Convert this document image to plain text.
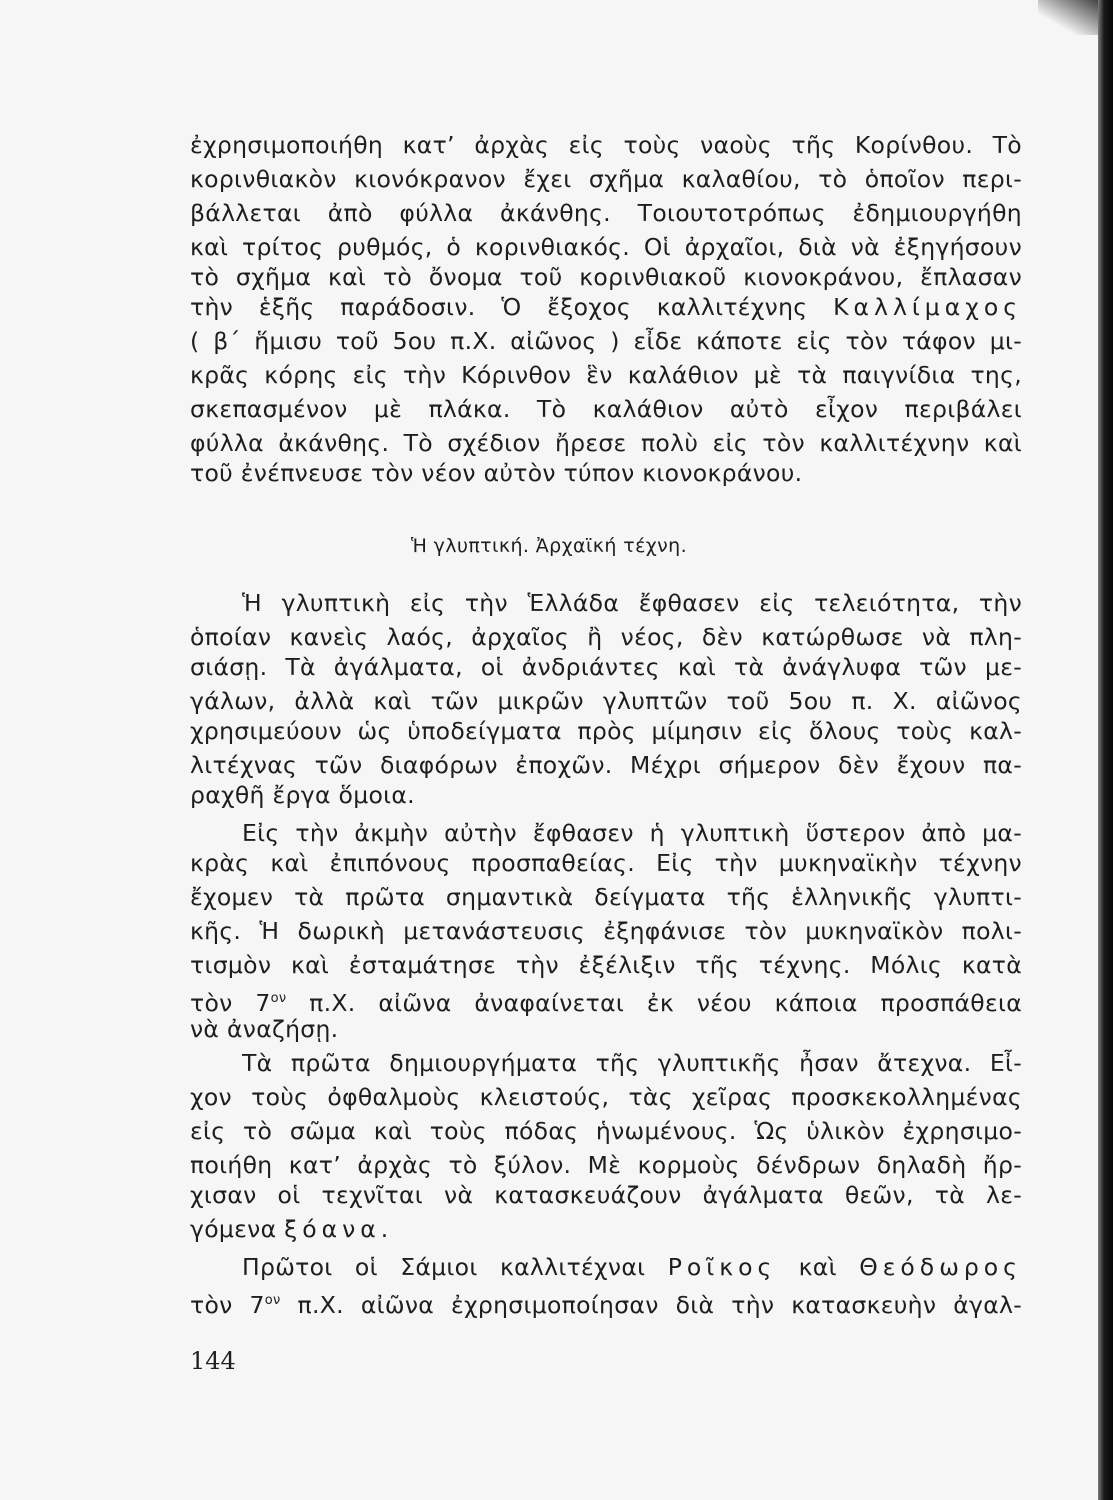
ἐχρησιμοποιήθη κατ’ ἀρχὰς εἰς τοὺς ναοὺς τῆς Κορίνθου. Τὸ

κορινθιακὸν κιονόκρανον ἔχει σχῆμα καλαθίου, τὸ ὁποῖον περι-

βάλλεται ἀπὸ φύλλα ἀκάνθης. Τοιουτοτρόπως ἐδημιουργήθη

καὶ τρίτος ρυθμός, ὁ κορινθιακός. Οἱ ἀρχαῖοι, διὰ νὰ ἐξηγήσουν

τὸ σχῆμα καὶ τὸ ὄνομα τοῦ κορινθιακοῦ κιονοκράνου, ἔπλασαν

τὴν ἑξῆς παράδοσιν. Ὁ ἔξοχος καλλιτέχνης Καλλίμαχος

( β΄ ἥμισυ τοῦ 5ου π.Χ. αἰῶνος ) εἶδε κάποτε εἰς τὸν τάφον μι-

κρᾶς κόρης εἰς τὴν Κόρινθον ἓν καλάθιον μὲ τὰ παιγνίδια της,

σκεπασμένον μὲ πλάκα. Τὸ καλάθιον αὐτὸ εἶχον περιβάλει

φύλλα ἀκάνθης. Τὸ σχέδιον ἤρεσε πολὺ εἰς τὸν καλλιτέχνην καὶ

τοῦ ἐνέπνευσε τὸν νέον αὐτὸν τύπον κιονοκράνου.

Ἡ γλυπτική. Ἀρχαϊκή τέχνη.

Ἡ γλυπτικὴ εἰς τὴν Ἑλλάδα ἔφθασεν εἰς τελειότητα, τὴν

ὁποίαν κανεὶς λαός, ἀρχαῖος ἢ νέος, δὲν κατώρθωσε νὰ πλη-

σιάσῃ. Τὰ ἀγάλματα, οἱ ἀνδριάντες καὶ τὰ ἀνάγλυφα τῶν με-

γάλων, ἀλλὰ καὶ τῶν μικρῶν γλυπτῶν τοῦ 5ου π. Χ. αἰῶνος

χρησιμεύουν ὡς ὑποδείγματα πρὸς μίμησιν εἰς ὅλους τοὺς καλ-

λιτέχνας τῶν διαφόρων ἐποχῶν. Μέχρι σήμερον δὲν ἔχουν πα-

ραχθῆ ἔργα ὅμοια.

Εἰς τὴν ἀκμὴν αὐτὴν ἔφθασεν ἡ γλυπτικὴ ὕστερον ἀπὸ μα-

κρὰς καὶ ἐπιπόνους προσπαθείας. Εἰς τὴν μυκηναϊκὴν τέχνην

ἔχομεν τὰ πρῶτα σημαντικὰ δείγματα τῆς ἑλληνικῆς γλυπτι-

κῆς. Ἡ δωρικὴ μετανάστευσις ἐξηφάνισε τὸν μυκηναϊκὸν πολι-

τισμὸν καὶ ἐσταμάτησε τὴν ἐξέλιξιν τῆς τέχνης. Μόλις κατὰ

τὸν $7^{o\nu}$ π.Χ. αἰῶνα ἀναφαίνεται ἐκ νέου κάποια προσπάθεια

νὰ ἀναζήσῃ.

Τὰ πρῶτα δημιουργήματα τῆς γλυπτικῆς ἦσαν ἄτεχνα. Εἶ-

χον τοὺς ὀφθαλμοὺς κλειστούς, τὰς χεῖρας προσκεκολλημένας

εἰς τὸ σῶμα καὶ τοὺς πόδας ἡνωμένους. Ὡς ὑλικὸν ἐχρησιμο-

ποιήθη κατ’ ἀρχὰς τὸ ξύλον. Μὲ κορμοὺς δένδρων δηλαδὴ ἤρ-

χισαν οἱ τεχνῖται νὰ κατασκευάζουν ἀγάλματα θεῶν, τὰ λε-

γόμενα ξόανα.

Πρῶτοι οἱ Σάμιοι καλλιτέχναι Ροῖκος καὶ Θεόδωρος

τὸν $7^{o\nu}$ π.Χ. αἰῶνα ἐχρησιμοποίησαν διὰ τὴν κατασκευὴν ἀγαλ-

144
